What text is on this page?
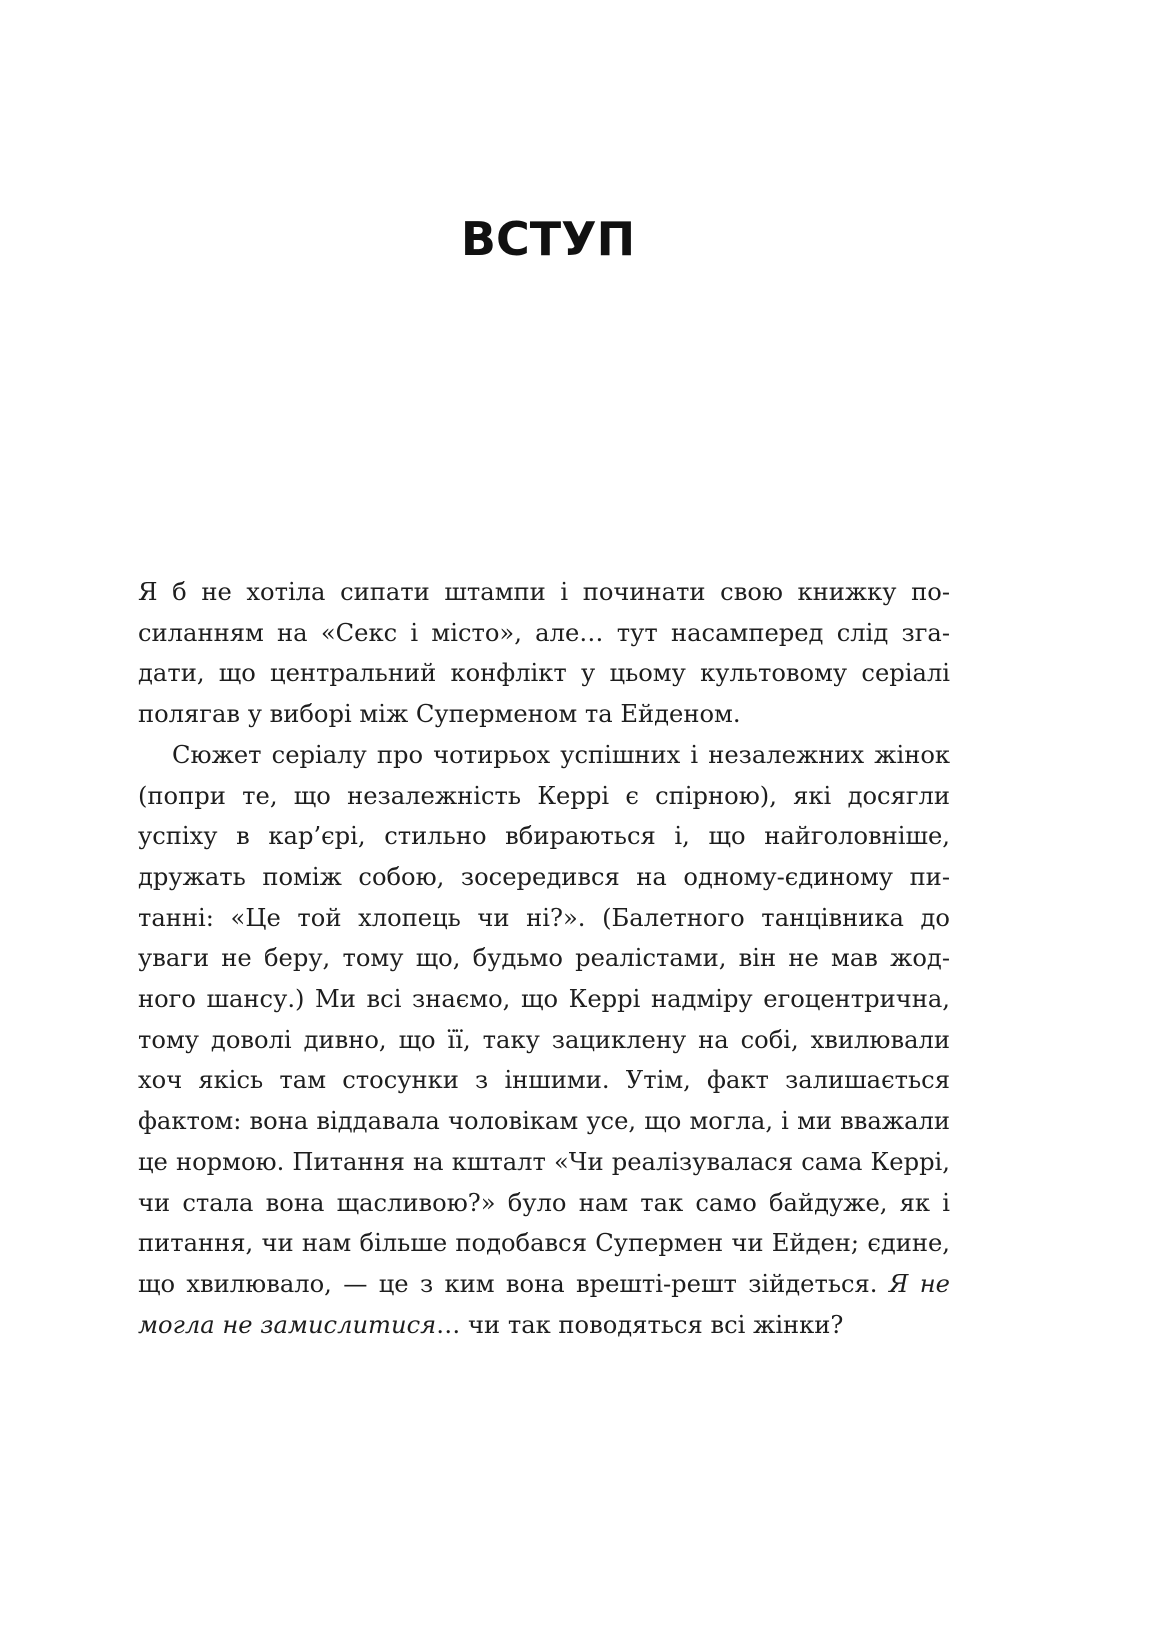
ВСТУП

Я б не хотіла сипати штампи і починати свою книжку посиланням на «Секс і місто», але… тут насамперед слід згадати, що центральний конфлікт у цьому культовому серіалі полягав у виборі між Суперменом та Ейденом.

Сюжет серіалу про чотирьох успішних і незалежних жінок (попри те, що незалежність Керрі є спірною), які досягли успіху в кар’єрі, стильно вбираються і, що найголовніше, дружать поміж собою, зосередився на одному-єдиному питанні: «Це той хлопець чи ні?». (Балетного танцівника до уваги не беру, тому що, будьмо реалістами, він не мав жодного шансу.) Ми всі знаємо, що Керрі надміру егоцентрична, тому доволі дивно, що її, таку зациклену на собі, хвилювали хоч якісь там стосунки з іншими. Утім, факт залишається фактом: вона віддавала чоловікам усе, що могла, і ми вважали це нормою. Питання на кшталт «Чи реалізувалася сама Керрі, чи стала вона щасливою?» було нам так само байдуже, як і питання, чи нам більше подобався Супермен чи Ейден; єдине, що хвилювало, — це з ким вона врешті-решт зійдеться. Я не могла не замислитися… чи так поводяться всі жінки?
